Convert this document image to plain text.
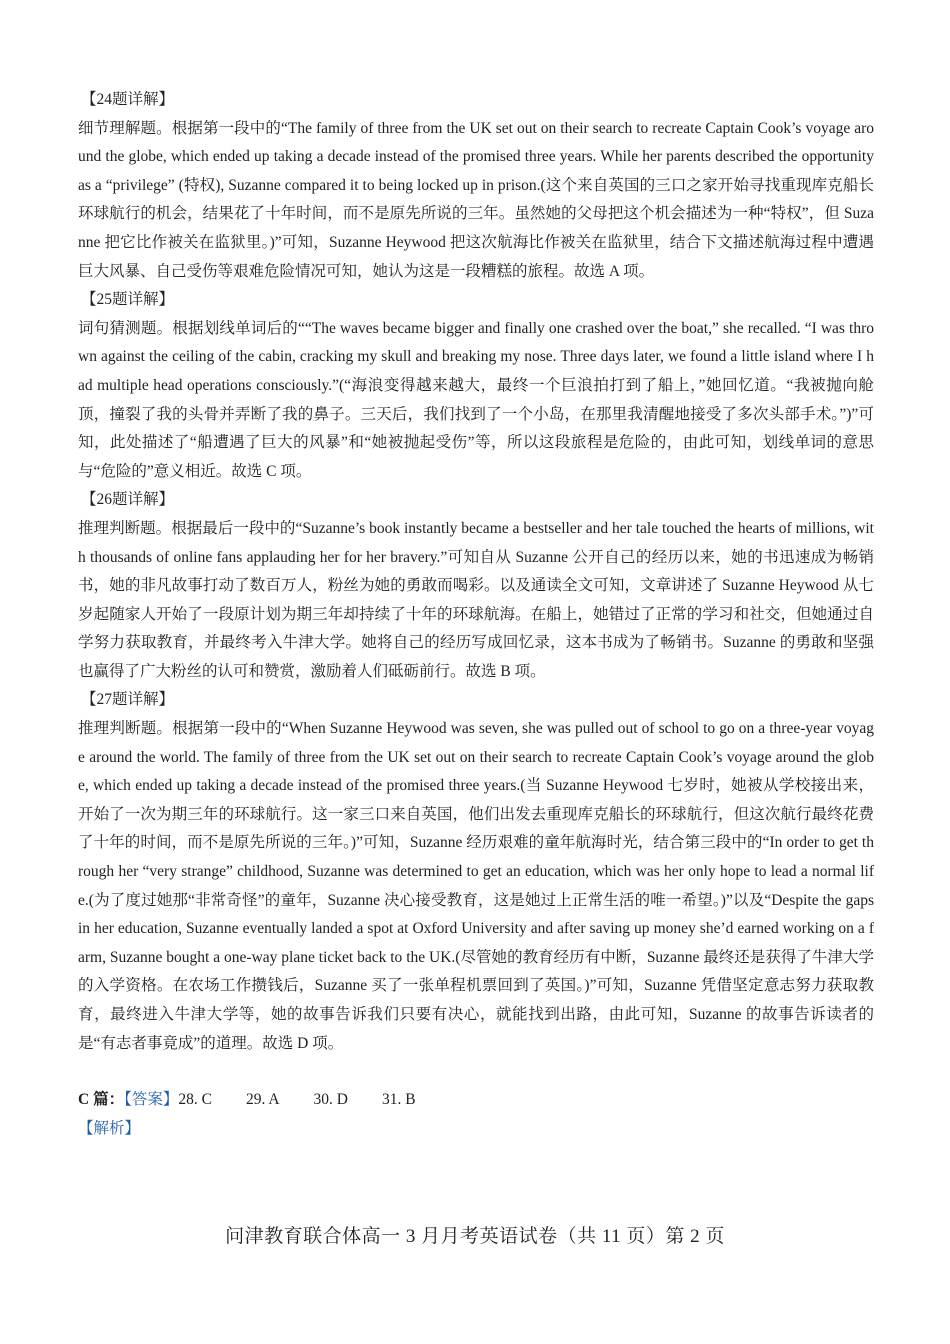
【24题详解】

细节理解题。根据第一段中的“The family of three from the UK set out on their search to recreate Captain Cook’s voyage around the globe, which ended up taking a decade instead of the promised three years. While her parents described the opportunity as a “privilege” (特权), Suzanne compared it to being locked up in prison.(这个来自英国的三口之家开始寻找重现库克船长环球航行的机会，结果花了十年时间，而不是原先所说的三年。虽然她的父母把这个机会描述为一种“特权”，但 Suzanne 把它比作被关在监狱里。)”可知，Suzanne Heywood 把这次航海比作被关在监狱里，结合下文描述航海过程中遭遇巨大风暴、自己受伤等艰难危险情况可知，她认为这是一段糟糕的旅程。故选 A 项。

【25题详解】

词句猜测题。根据划线单词后的““The waves became bigger and finally one crashed over the boat,” she recalled. “I was thrown against the ceiling of the cabin, cracking my skull and breaking my nose. Three days later, we found a little island where I had multiple head operations consciously.”(“海浪变得越来越大，最终一个巨浪拍打到了船上，”她回忆道。“我被抛向舱顶，撞裂了我的头骨并弄断了我的鼻子。三天后，我们找到了一个小岛，在那里我清醒地接受了多次头部手术。”)”可知，此处描述了“船遭遇了巨大的风暴”和“她被抛起受伤”等，所以这段旅程是危险的，由此可知，划线单词的意思与“危险的”意义相近。故选 C 项。

【26题详解】

推理判断题。根据最后一段中的“Suzanne’s book instantly became a bestseller and her tale touched the hearts of millions, with thousands of online fans applauding her for her bravery.”可知自从 Suzanne 公开自己的经历以来，她的书迅速成为畅销书，她的非凡故事打动了数百万人，粉丝为她的勇敢而喝彩。以及通读全文可知，文章讲述了 Suzanne Heywood 从七岁起随家人开始了一段原计划为期三年却持续了十年的环球航海。在船上，她错过了正常的学习和社交，但她通过自学努力获取教育，并最终考入牛津大学。她将自己的经历写成回忆录，这本书成为了畅销书。Suzanne 的勇敢和坚强也赢得了广大粉丝的认可和赞赏，激励着人们砥砺前行。故选 B 项。

【27题详解】

推理判断题。根据第一段中的“When Suzanne Heywood was seven, she was pulled out of school to go on a three-year voyage around the world. The family of three from the UK set out on their search to recreate Captain Cook’s voyage around the globe, which ended up taking a decade instead of the promised three years.(当 Suzanne Heywood 七岁时，她被从学校接出来，开始了一次为期三年的环球航行。这一家三口来自英国，他们出发去重现库克船长的环球航行，但这次航行最终花费了十年的时间，而不是原先所说的三年。)”可知，Suzanne 经历艰难的童年航海时光，结合第三段中的“In order to get through her “very strange” childhood, Suzanne was determined to get an education, which was her only hope to lead a normal life.(为了度过她那“非常奇怪”的童年，Suzanne 决心接受教育，这是她过上正常生活的唯一希望。)”以及“Despite the gaps in her education, Suzanne eventually landed a spot at Oxford University and after saving up money she’d earned working on a farm, Suzanne bought a one-way plane ticket back to the UK.(尽管她的教育经历有中断，Suzanne 最终还是获得了牛津大学的入学资格。在农场工作攒钱后，Suzanne 买了一张单程机票回到了英国。)”可知，Suzanne 凭借坚定意志努力获取教育，最终进入牛津大学等，她的故事告诉我们只要有决心，就能找到出路，由此可知，Suzanne 的故事告诉读者的是“有志者事竟成”的道理。故选 D 项。

C 篇：【答案】28. C 29. A 30. D 31. B
【解析】
问津教育联合体高一 3 月月考英语试卷（共 11 页）第 2 页
